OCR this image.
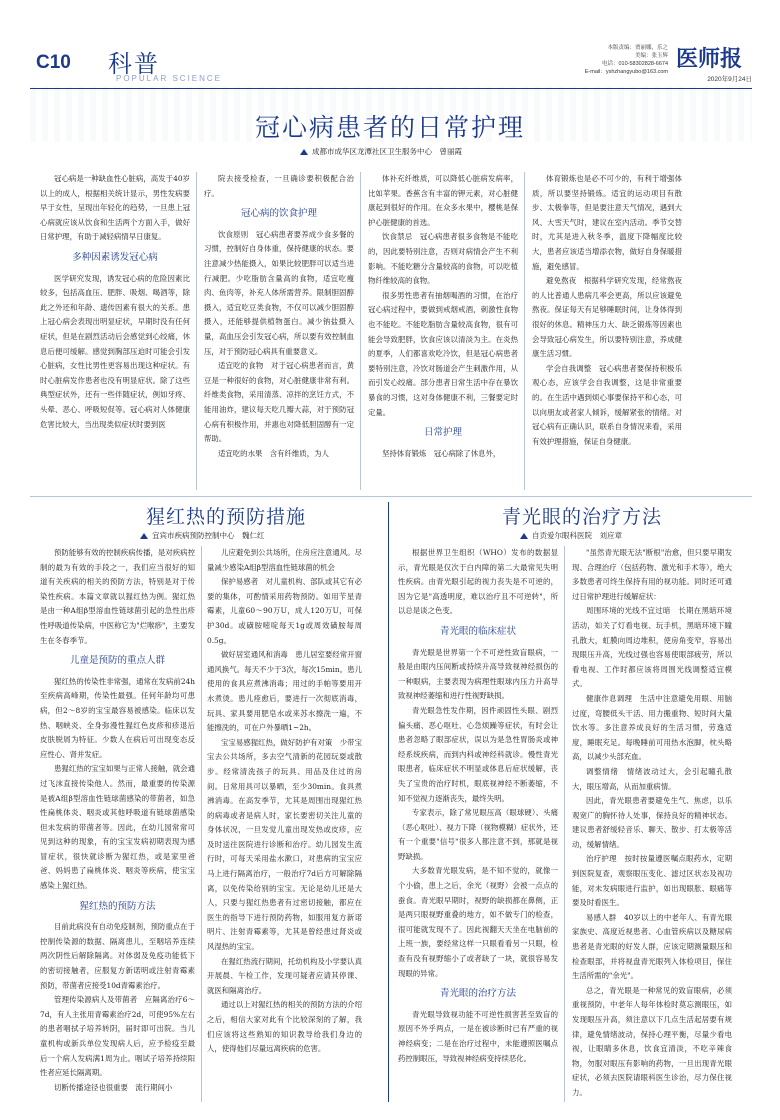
C10 科普
POPULAR SCIENCE
本版责编：贾丽娜，乐之
美编：张玉辉
电话：010-58302828-6674
E-mail：yshzhangyubo@163.com 医师报
2020年9月24日
冠心病患者的日常护理
成都市成华区龙潭社区卫生服务中心　曾丽霞

冠心病是一种缺血性心脏病，高发于40岁以上的成人，根据相关统计显示，男性发病要早于女性，呈现出年轻化的趋势，一旦患上冠心病就应该从饮食和生活两个方面入手，做好日常护理，有助于减轻病情早日康复。

多种因素诱发冠心病

医学研究发现，诱发冠心病的危险因素比较多，包括高血压、肥胖、吸烟、喝酒等，除此之外还和年龄、遗传因素有很大的关系。患上冠心病会表现出明显症状，早期时没有任何症状，但是在剧烈活动后会感觉到心绞痛，休息后便可缓解。感觉到胸部压迫时可能会引发心脏病，女性比男性更容易出现这种症状。有时心脏病发作患者也没有明显症状。除了这些典型症状外，还有一些伴随症状，例如牙疼、头晕、恶心、呼吸短促等。冠心病对人体健康危害比较大，当出现类似症状时要到医

院去接受检查，一旦确诊要积极配合治疗。

冠心病的饮食护理

饮食原则　冠心病患者要养成少食多餐的习惯，控制好自身体重，保持健康的状态。要注意减少热能摄入，如果比较肥胖可以适当进行减肥。少吃脂肪含量高的食物，适宜吃瘦肉、鱼肉等，补充人体所需营养。限制胆固醇摄入，适宜吃豆类食物，不仅可以减少胆固醇摄入，还能够提供植物蛋白。减少钠盐摄入量，高血压会引发冠心病，所以要有效控制血压，对于预防冠心病具有重要意义。

适宜吃的食物　对于冠心病患者而言，黄豆是一种很好的食物，对心脏健康非常有利。纤维类食物，采用清蒸、凉拌的烹饪方式，不能用油炸，建议每天吃几瓣大蒜，对于预防冠心病有积极作用，并惠也对降低胆固醇有一定帮助。

适宜吃的水果　含有纤维质，为人

体补充纤维质，可以降低心脏病发病率，比如苹果。香蕉含有丰富的钾元素，对心脏健康起到很好的作用。在众多水果中，樱桃是保护心脏健康的首选。

饮食禁忌　冠心病患者很多食物是不能吃的，因此要特别注意，否则对病情会产生不利影响。不能吃糖分含量较高的食物，可以吃植物纤维较高的食物。

很多男性患者有抽烟喝酒的习惯，在治疗冠心病过程中，要做到戒烟戒酒，刺激性食物也不能吃。不能吃脂肪含量较高食物，很有可能会导致肥胖，饮食应该以清淡为主。在炎热的夏季，人们都喜欢吃冷饮，但是冠心病患者要特别注意，冷饮对肠道会产生刺激作用，从而引发心绞痛。部分患者日常生活中存在暴饮暴食的习惯，这对身体健康不利，三餐要定时定量。

日常护理

坚持体育锻炼　冠心病除了休息外，

体育锻炼也是必不可少的，有利于增强体质，所以要坚持锻炼。适宜的运动项目有散步、太极拳等，但是要注意天气情况，遇到大风、大雪天气时，建议在室内活动。季节交替时，尤其是进入秋冬季，温度下降幅度比较大，患者应该适当增添衣物，做好自身保暖措施，避免感冒。

避免熬夜　根据科学研究发现，经常熬夜的人比普通人患病几率会更高，所以应该避免熬夜。保证每天有足够睡眠时间，让身体得到很好的休息。精神压力大、缺乏锻炼等因素也会导致冠心病发生，所以要特别注意，养成健康生活习惯。

学会自我调整　冠心病患者要保持积极乐观心态，应该学会自我调整，这是非常重要的。在生活中遇到烦心事要保持平和心态，可以向朋友或者家人倾诉，缓解紧张的情绪。对冠心病有正确认识，联系自身情况来看，采用有效护理措施，保证自身健康。

猩红热的预防措施
宜宾市疾病预防控制中心　魏仁红

预防能够有效的控制疾病传播，是对疾病控制的最为有效的手段之一，我们应当很好的知道有关疾病的相关的预防方法，特别是对于传染性疾病。本篇文章就以猩红热为例。猩红热是由一种A组β型溶血性链球菌引起的急性出疹性呼吸道传染病，中医称它为"烂喉痧"，主要发生在冬春季节。

儿童是预防的重点人群

猩红热的传染性非常强，通常在发病前24h至疾病高峰期，传染性最强。任何年龄均可患病，但2～8岁的宝宝最容易被感染。临床以发热、咽峡炎、全身弥漫性猩红色皮疹和疹退后皮肤脱屑为特征。少数人在病后可出现变态反应性心、肾并发症。

患猩红热的宝宝如果与正常人接触，就会通过飞沫直接传染他人。然而，最重要的传染源是被A组β型溶血性链球菌感染的带菌者，如急性扁桃体炎、咽炎或其他呼吸道有链球菌感染但未发病的带菌者等。因此，在幼儿园常常可见到这种的现象，有的宝宝发病初期表现为感冒症状，很快就诊断为猩红热，或是家里爸爸、妈妈患了扁桃体炎、咽炎等疾病，使宝宝感染上猩红热。

猩红热的预防方法

目前此病没有自动免疫制剂，预防重点在于控制传染源的数据、隔离患儿，至咽培养连续两次阴性后解除隔离。对体弱及免疫功能低下的密切接触者，应服复方新诺明或注射青霉素预防，带菌者应接受10d青霉素治疗。

管理传染源病人及带菌者　应隔离治疗6～7d，有人主张用青霉素治疗2d，可使95%左右的患者咽拭子培养转阴，届时即可出院。当儿童机构或新兵单位发现病人后，应予检疫至最后一个病人发病满1周为止。咽试子培养持续阳性者应延长隔离期。

切断传播途径也很重要　流行期间小

儿应避免到公共场所，住房应注意通风。尽量减少感染A组β型溶血性链球菌的机会

保护易感者　对儿童机构、部队或其它有必要的集体，可酌情采用药物预防。如用苄星青霉素，儿童60～90万U，成人120万U，可保护30d。或磺胺嘧啶每天1g或周效磺胺每周0.5g。

做好居室通风和消毒　患儿居室要经常开窗通风换气。每天不少于3次，每次15min。患儿使用的食具应煮沸消毒；用过的手帕等要用开水煮烫。患儿痊愈后，要进行一次彻底消毒，玩具、家具要用肥皂水或来苏水擦洗一遍，不能擦洗的，可在户外暴晒1~2h。

宝宝易感猩红热，做好防护有对策　少带宝宝去公共场所，多去空气清新的花园玩耍或散步。经常清洗孩子的玩具、用品及住过的房间。日常用具可以暴晒，至少30min。食具煮沸消毒。在高发季节，尤其是周围出现猩红热的病毒或者是病人时，家长要密切关注儿童的身体状况，一旦发觉儿童出现发热或皮疹，应及时送往医院进行诊断和治疗。幼儿园发生流行时，可每天采用盐水漱口，对患病的宝宝应马上进行隔离治疗，一般治疗7d后方可解除隔离，以免传染给别的宝宝。无论是幼儿还是大人，只要与猩红热患者有过密切接触，都应在医生的指导下进行预防药物，如服用复方新诺明片、注射青霉素等，尤其是曾经患过肾炎或风湿热的宝宝。

在猩红热流行期间，托幼机构及小学要认真开展晨、午检工作，发现可疑者应请其停课、就医和隔离治疗。

通过以上对猩红热的相关的预防方法的介绍之后，相信大家对此有个比较深刻的了解，我们应该将这些熟知的知识教导给我们身边的人，使得他们尽量远离疾病的危害。

青光眼的治疗方法
自贡爱尔眼科医院　刘应章

根据世界卫生组织（WHO）发布的数据显示，青光眼是仅次于白内障的第二大最常见失明性疾病。由青光眼引起的视力丧失是不可逆的，因为它是"高透明度，难以治疗且不可逆转"，所以总是谈之色变。

青光眼的临床症状

青光眼是世界第一个不可逆性致盲眼病，一般是由眼内压间断或持续升高导致视神经损伤的一种眼病，主要表现为病理性眼球内压力升高导致视神经萎缩和进行性视野缺损。

青光眼急性发作期，因件顽固性头眼、剧烈偏头痛、恶心呕吐、心急烦躁等症状，有时会让患者忽略了眼部症状，误以为是急性胃肠炎或神经系统疾病，而到内科或神经科就诊。慢性青光眼患者，临床症状不明显或体息后症状缓解，丧失了宝贵的治疗时机，眼底视神经不断萎缩，不知不觉视力逐渐丧失，最终失明。

专家表示，除了常见眼压高（眼球硬）、头痛（恶心呕吐）、视力下降（视物模糊）症状外，还有一个重要"信号"很多人都注意不到，那就是视野缺损。

大多数青光眼发病，是不知不觉的，就像一个小偷，患上之后，余光（视野）会被一点点的蚕食。青光眼早期时，视野的缺损都在鼻侧，正是两只眼视野重叠的地方，如不做专门的检查，很可能就发现不了。因此视翻天天坐在电脑前的上班一族，要经常这样一只眼看看另一只眼，检查有没有视野缩小了或者缺了一块，就很容易发现眼的异常。

青光眼的治疗方法

青光眼导致视功能不可逆性损害甚至致盲的原因不外乎两点，一是在被诊断时已有严重的视神经病变；二是在治疗过程中，未能遵照医嘱点药控制眼压，导致视神经病变持续恶化。

"虽然青光眼无法"断根"治愈，但只要早期发现、合理治疗（包括药物、激光和手术等），绝大多数患者可终生保持有用的视功能。同时还可通过日常护理进行缓解症状：

周围环境的光线不宜过暗　长期在黑暗环境活动，如关了灯看电视、玩手机，黑暗环境下瞳孔散大，虹膜向周边堆积，使房角变窄，容易出现眼压升高，光线过强也容易使眼部疲劳，所以看电视、工作时都应该将周围光线调整适宜模式。

健康作息调理　生活中注意避免用眼、用脑过度，弯腰低头干活、用力搬重物、短时间大量饮水等。多注意养成良好的生活习惯，劳逸适度，睡眠充足。每晚睡前可用热水泡脚，枕头略高，以减少头部充血。

调整情绪　情绪波动过大，会引起瞳孔散大，眼压增高，从而加重病情。

因此，青光眼患者要避免生气、焦虑，以乐观宽广的胸怀待人处事，保持良好的精神状态。建议患者舒缓轻音乐、聊天、散步、打太极等活动，缓解情绪。

治疗护理　按时按量遵医嘱点眼药水，定期到医院复查，观察眼压变化、滤过区状态及视功能，对未发病眼进行监护，如出现眼胀、眼痛等要及时看医生。

易感人群　40岁以上的中老年人、有青光眼家族史、高度近视患者、心血管疾病以及糖尿病患者是青光眼的好发人群，应该定期测量眼压和检查眼部，并将视盘青光眼列入体检项目，保住生活所需的"余光"。

总之，青光眼是一种常见的致盲眼病，必须重视预防，中老年人每年体检时莫忘测眼压，如发现眼压升高，须注意以下几点生活起居要有规律，避免情绪波动，保持心理平衡，尽量少看电视，让眼睛多休息，饮食宜清淡，不吃辛辣食物，勿服对眼压有影响的药物，一旦出现青光眼症状，必须去医院请眼科医生诊治，尽力保住视力。
